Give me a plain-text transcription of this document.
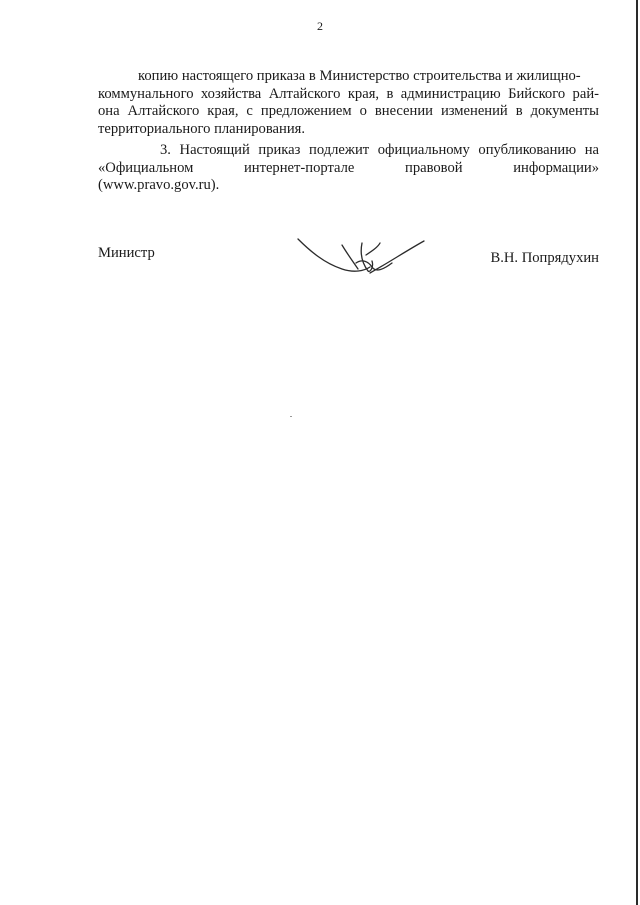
2
копию настоящего приказа в Министерство строительства и жилищно-
коммунального хозяйства Алтайского края, в администрацию Бийского рай-
она Алтайского края, с предложением о внесении изменений в документы
территориального планирования.
3. Настоящий приказ подлежит официальному опубликованию на
«Официальном интернет-портале правовой информации»
(www.pravo.gov.ru).
Министр	В.Н. Попрядухин
